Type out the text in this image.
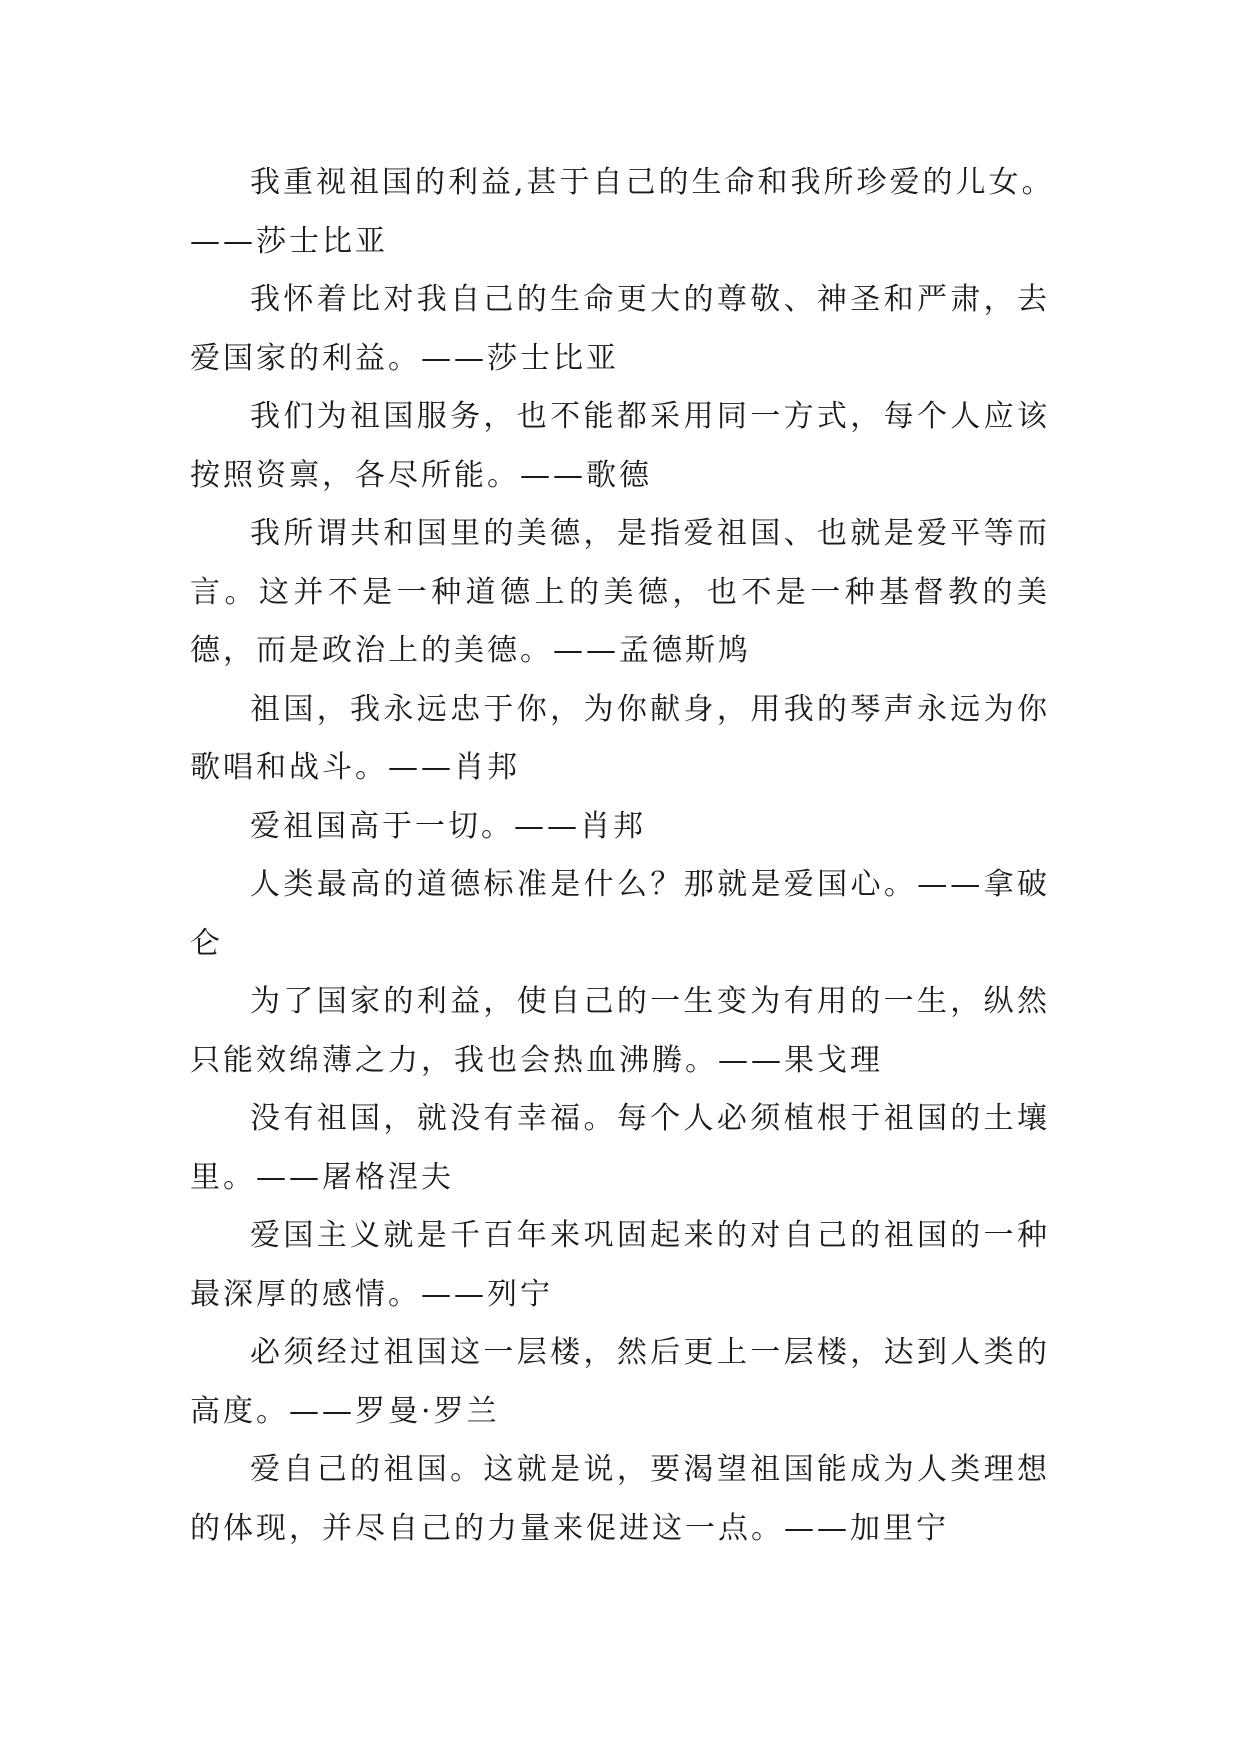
我重视祖国的利益,甚于自己的生命和我所珍爱的儿女。

——莎士比亚

我怀着比对我自己的生命更大的尊敬、神圣和严肃，去爱国家的利益。——莎士比亚

我们为祖国服务，也不能都采用同一方式，每个人应该按照资禀，各尽所能。——歌德

我所谓共和国里的美德，是指爱祖国、也就是爱平等而言。这并不是一种道德上的美德，也不是一种基督教的美德，而是政治上的美德。——孟德斯鸠

祖国，我永远忠于你，为你献身，用我的琴声永远为你歌唱和战斗。——肖邦

爱祖国高于一切。——肖邦

人类最高的道德标准是什么？那就是爱国心。——拿破仑

为了国家的利益，使自己的一生变为有用的一生，纵然只能效绵薄之力，我也会热血沸腾。——果戈理

没有祖国，就没有幸福。每个人必须植根于祖国的土壤里。——屠格涅夫

爱国主义就是千百年来巩固起来的对自己的祖国的一种最深厚的感情。——列宁

必须经过祖国这一层楼，然后更上一层楼，达到人类的高度。——罗曼·罗兰

爱自己的祖国。这就是说，要渴望祖国能成为人类理想的体现，并尽自己的力量来促进这一点。——加里宁
